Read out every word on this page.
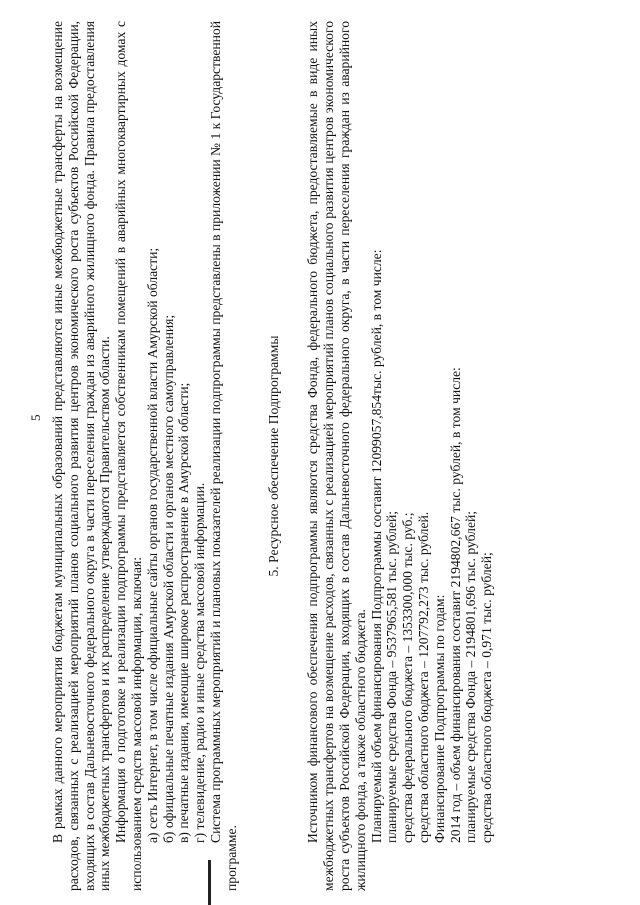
5 В рамках данного мероприятия бюджетам муниципальных образований представляются иные межбюджетные трансферты на возмещение расходов, связанных с реализацией мероприятий планов социального развития центров экономического роста субъектов Российской Федерации, входящих в состав Дальневосточного федерального округа в части переселения граждан из аварийного жилищного фонда. Правила предоставления иных межбюджетных трансфертов и их распределение утверждаются Правительством области. Информация о подготовке и реализации подпрограммы представляется собственникам помещений в аварийных многоквартирных домах с использованием средств массовой информации, включая: а) сеть Интернет, в том числе официальные сайты органов государственной власти Амурской области; б) официальные печатные издания Амурской области и органов местного самоуправления; в) печатные издания, имеющие широкое распространение в Амурской области; г) телевидение, радио и иные средства массовой информации. Система программных мероприятий и плановых показателей реализации подпрограммы представлены в приложении № 1 к Государственной программе.

5. Ресурсное обеспечение Подпрограммы Источником финансового обеспечения подпрограммы являются средства Фонда, федерального бюджета, предоставляемые в виде иных межбюджетных трансфертов на возмещение расходов, связанных с реализацией мероприятий планов социального развития центров экономического роста субъектов Российской Федерации, входящих в состав Дальневосточного федерального округа, в части переселения граждан из аварийного жилищного фонда, а также областного бюджета. Планируемый объем финансирования Подпрограммы составит 12099057,854тыс. рублей, в том числе: планируемые средства Фонда – 9537965,581 тыс. рублей; средства федерального бюджета – 1353300,000 тыс. руб.; средства областного бюджета – 1207792,273 тыс. рублей. Финансирование Подпрограммы по годам: 2014 год – объем финансирования составит 2194802,667 тыс. рублей, в том числе: планируемые средства Фонда – 2194801,696 тыс. рублей; средства областного бюджета – 0,971 тыс. рублей;
